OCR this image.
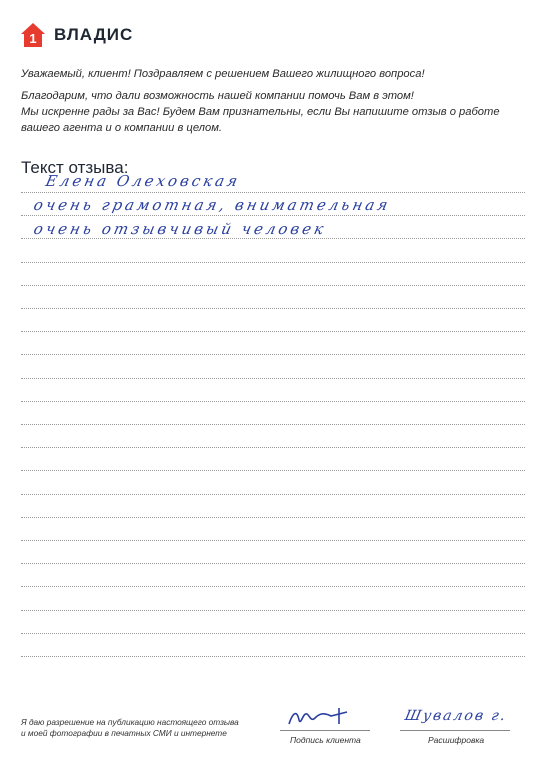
1 ВЛАДИС

Уважаемый, клиент! Поздравляем с решением Вашего жилищного вопроса!

Благодарим, что дали возможность нашей компании помочь Вам в этом!

Мы искренне рады за Вас! Будем Вам признательны, если Вы напишите отзыв о работе

вашего агента и о компании в целом.

Текст отзыва:
Елена Олеховская
очень грамотная, внимательная
очень отзывчивый человек

Я даю разрешение на публикацию настоящего отзыва

и моей фотографии в печатных СМИ и интернете

Подпись клиента
Шувалов г.
Расшифровка
